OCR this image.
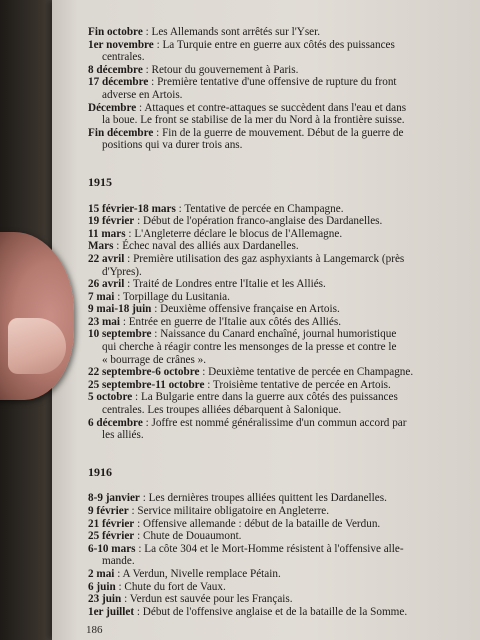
Fin octobre : Les Allemands sont arrêtés sur l'Yser.

1er novembre : La Turquie entre en guerre aux côtés des puissances
centrales.

8 décembre : Retour du gouvernement à Paris.

17 décembre : Première tentative d'une offensive de rupture du front
adverse en Artois.

Décembre : Attaques et contre-attaques se succèdent dans l'eau et dans
la boue. Le front se stabilise de la mer du Nord à la frontière suisse.

Fin décembre : Fin de la guerre de mouvement. Début de la guerre de
positions qui va durer trois ans.

1915

15 février-18 mars : Tentative de percée en Champagne.

19 février : Début de l'opération franco-anglaise des Dardanelles.

11 mars : L'Angleterre déclare le blocus de l'Allemagne.

Mars : Échec naval des alliés aux Dardanelles.

22 avril : Première utilisation des gaz asphyxiants à Langemarck (près
d'Ypres).

26 avril : Traité de Londres entre l'Italie et les Alliés.

7 mai : Torpillage du Lusitania.

9 mai-18 juin : Deuxième offensive française en Artois.

23 mai : Entrée en guerre de l'Italie aux côtés des Alliés.

10 septembre : Naissance du Canard enchaîné, journal humoristique
qui cherche à réagir contre les mensonges de la presse et contre le
« bourrage de crânes ».

22 septembre-6 octobre : Deuxième tentative de percée en Champagne.

25 septembre-11 octobre : Troisième tentative de percée en Artois.

5 octobre : La Bulgarie entre dans la guerre aux côtés des puissances
centrales. Les troupes alliées débarquent à Salonique.

6 décembre : Joffre est nommé généralissime d'un commun accord par
les alliés.

1916

8-9 janvier : Les dernières troupes alliées quittent les Dardanelles.

9 février : Service militaire obligatoire en Angleterre.

21 février : Offensive allemande : début de la bataille de Verdun.

25 février : Chute de Douaumont.

6-10 mars : La côte 304 et le Mort-Homme résistent à l'offensive alle-
mande.

2 mai : A Verdun, Nivelle remplace Pétain.

6 juin : Chute du fort de Vaux.

23 juin : Verdun est sauvée pour les Français.

1er juillet : Début de l'offensive anglaise et de la bataille de la Somme.

186
